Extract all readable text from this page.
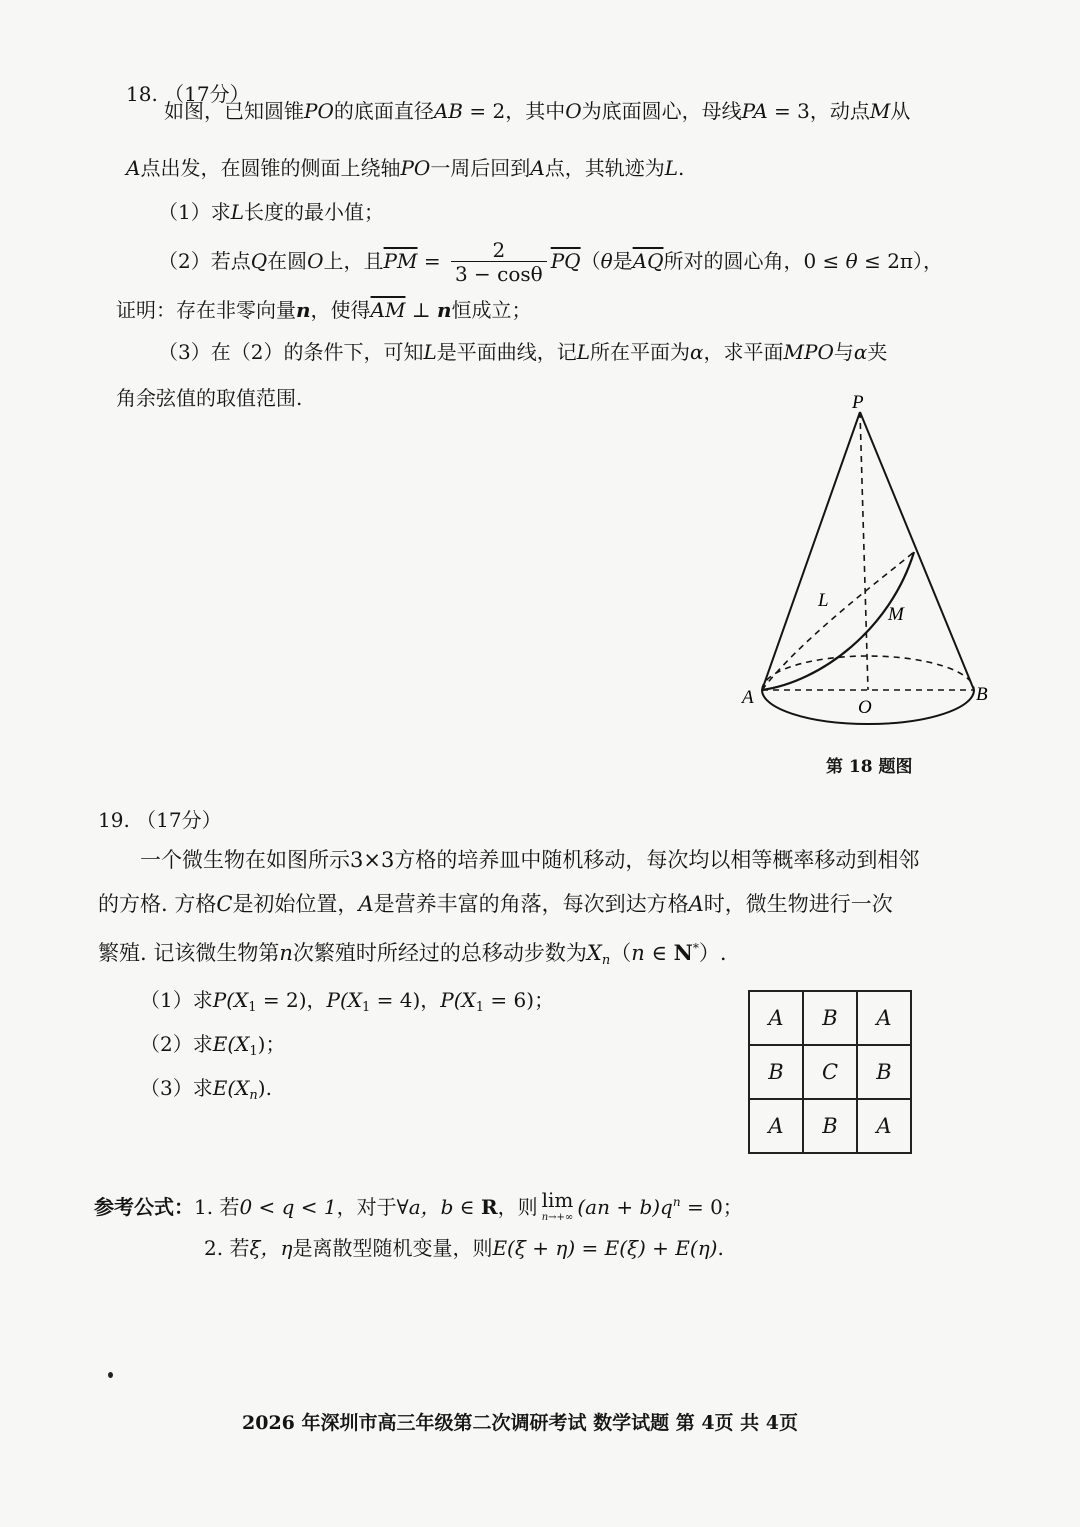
18. （17分）
如图，已知圆锥PO的底面直径AB = 2，其中O为底面圆心，母线PA = 3，动点M从
A点出发，在圆锥的侧面上绕轴PO一周后回到A点，其轨迹为L.
（1）求L长度的最小值；
（2）若点Q在圆O上，且$\overline{PM} = \frac{2}{3 - \cos\theta} \overline{PQ}(\theta$是$\overline{AQ}$所对的圆心角，0 ≤ θ ≤ 2π），
证明：存在非零向量n，使得$\overline{AM}$ ⊥ n恒成立；
（3）在（2）的条件下，可知L是平面曲线，记L所在平面为α，求平面MPO与α夹
角余弦值的取值范围.	P
A	B
O
L
M
第 18 题图
19. （17分）
一个微生物在如图所示3×3方格的培养皿中随机移动，每次均以相等概率移动到相邻
的方格. 方格C是初始位置，A是营养丰富的角落，每次到达方格A时，微生物进行一次
繁殖. 记该微生物第n次繁殖时所经过的总移动步数为$X_n(n$ ∈ N*）.
（1）求$P(X_1 = 2)$，$P(X_1 = 4)$，$P(X_1 = 6)$；
（2）求$E(X_1)$；
（3）求$E(X_n)$.
A	B	A
B	C	B
A	B	A
参考公式：1. 若0 < q < 1，对于∀a，b ∈ R，则 lim
n→+∞ $(an + b)q^n = 0$；
2. 若ξ，η是离散型随机变量，则E(ξ + η) = E(ξ) + E(η).
2026 年深圳市高三年级第二次调研考试 数学试题 第 4页 共 4页
